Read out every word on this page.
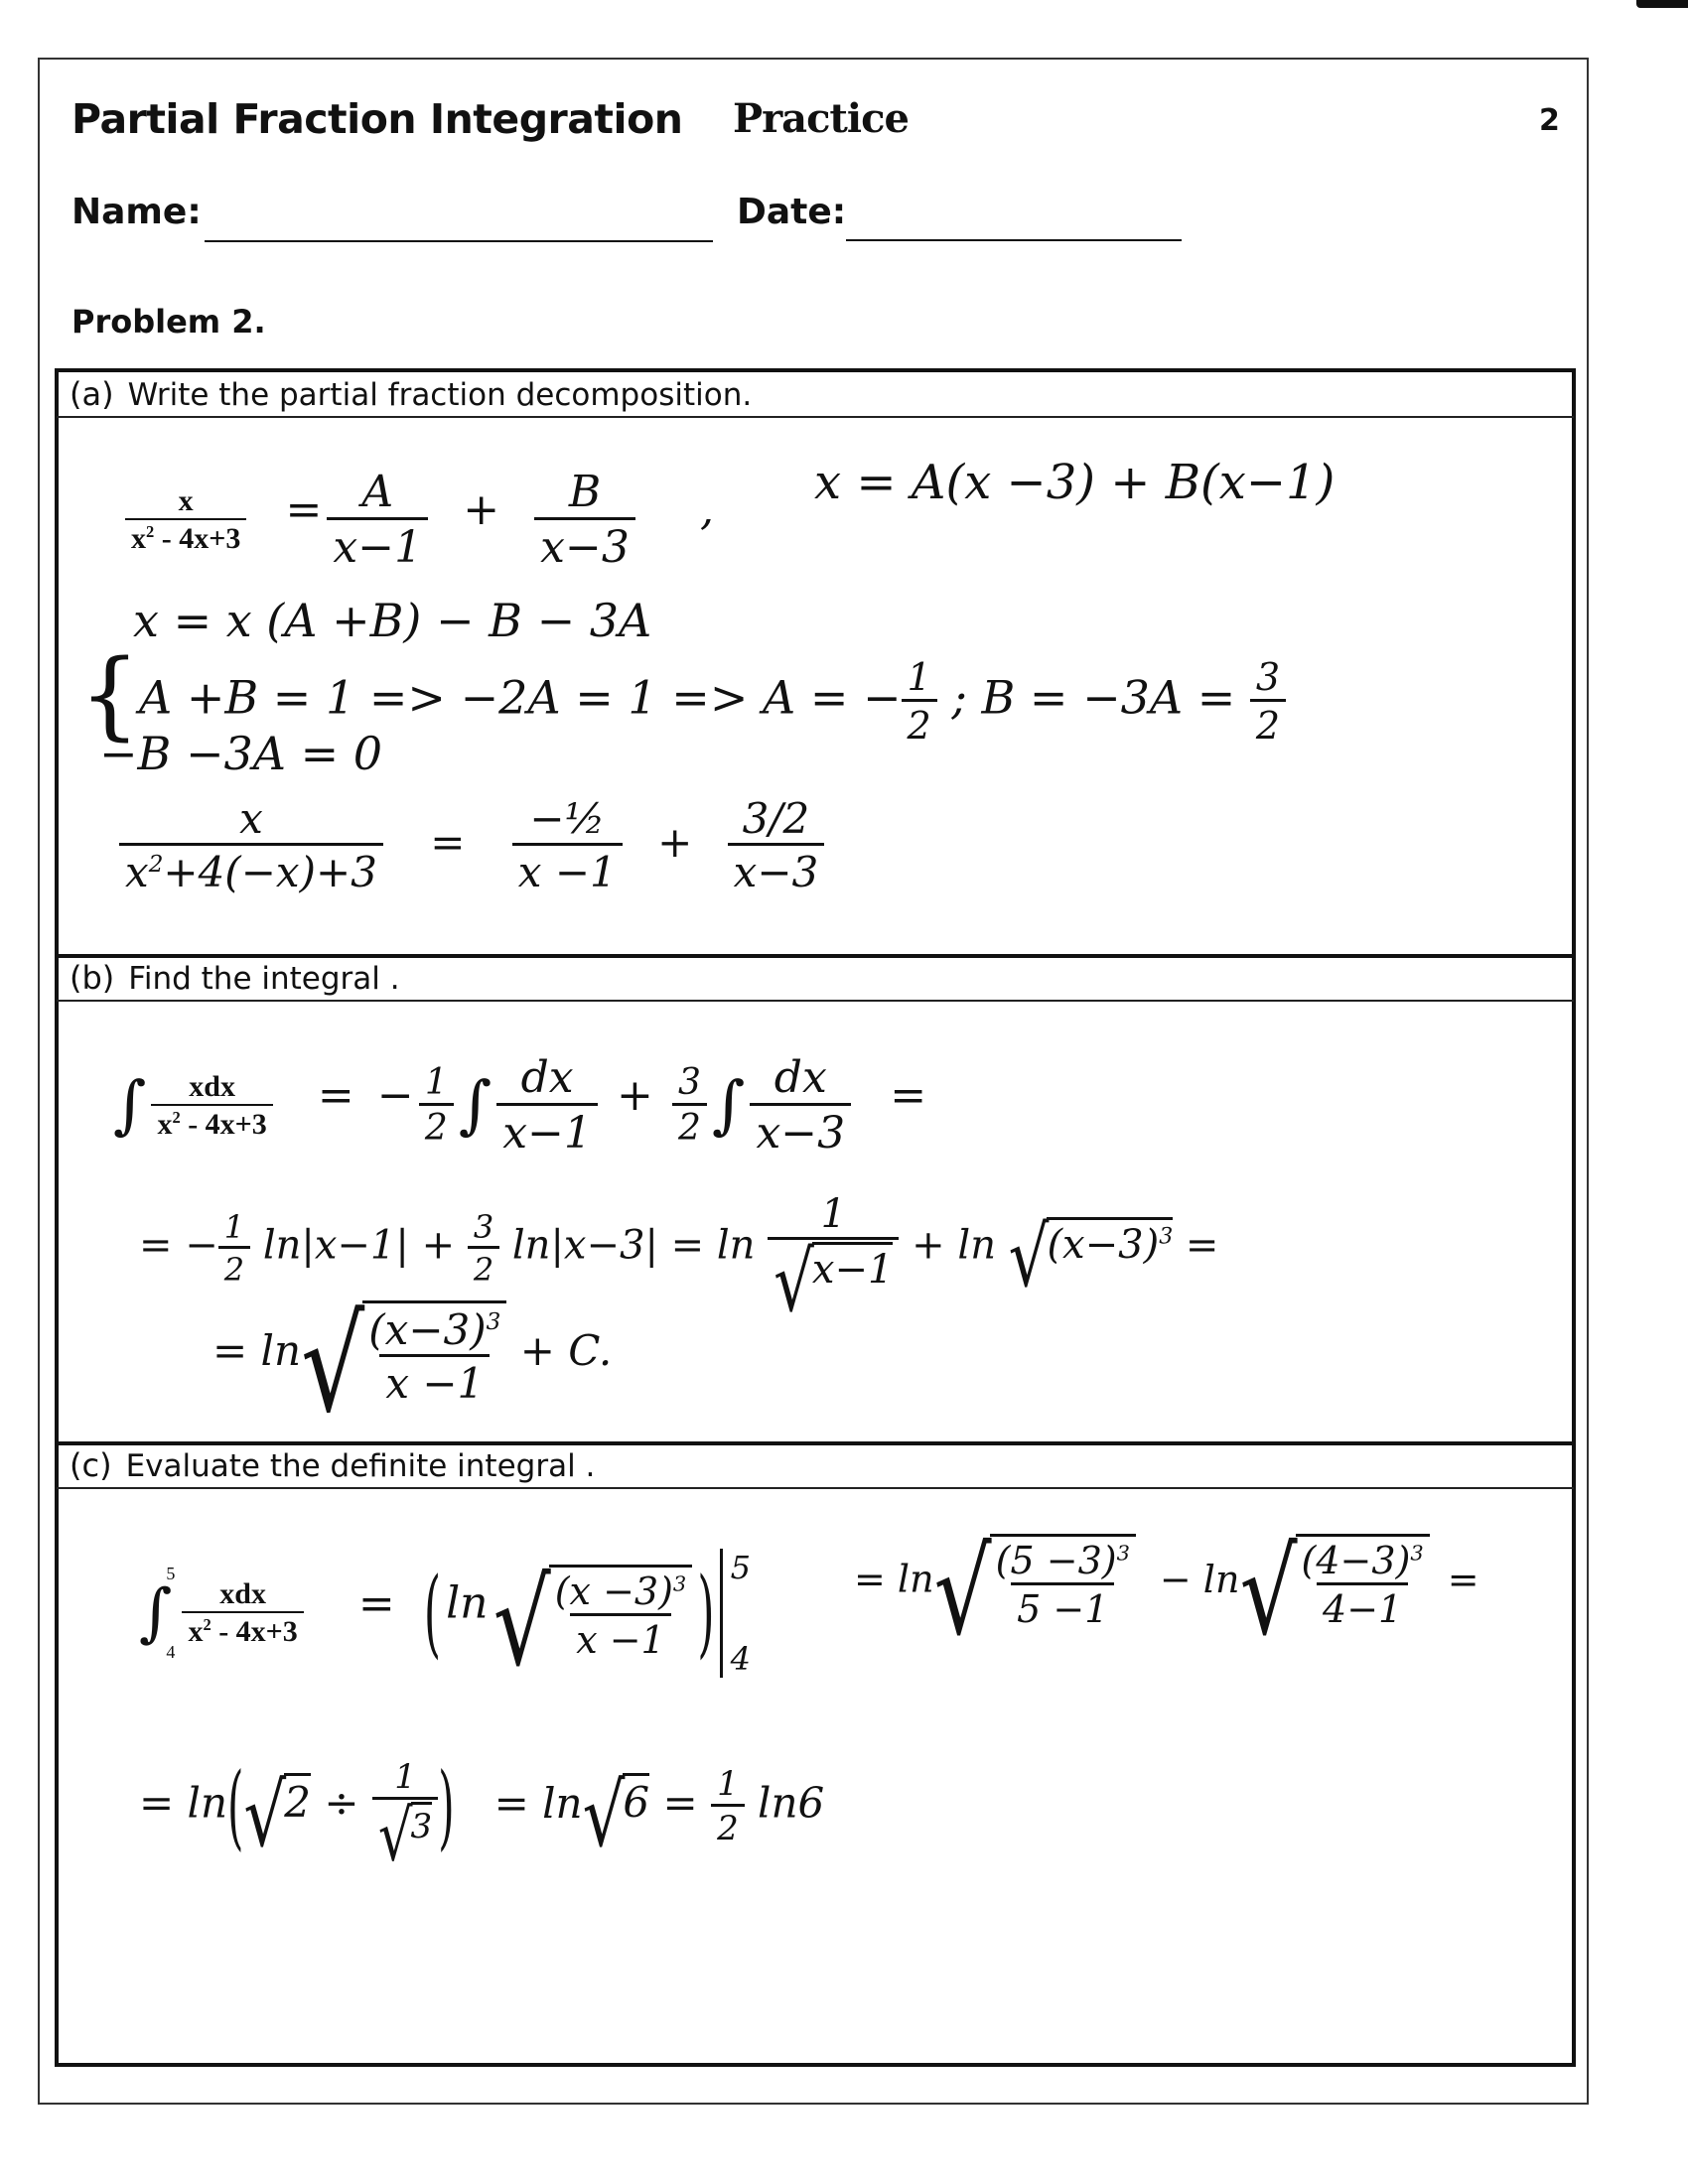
Partial Fraction Integration Practice	2
Name:	Date:
Problem 2.
(a) Write the partial fraction decomposition.
(b) Find the integral .
(c) Evaluate the definite integral .
$\frac{x}{x^2 - 4x+3} = \frac{A}{x-1} + \frac{B}{x-3}$ , x = A(x −3) + B(x−1)
x = x (A +B) − B − 3A
{
A +B = 1 => −2A = 1 => A = − $\frac{1}{2}$ ; $B = -3A = \frac{3}{2}$
−B −3A = 0
$\frac{x}{x^2+4(-x)+3} = \frac{\text{−½}}{x -1} + \frac{3/2}{x-3}$
∫ $\frac{\text{xdx}}{x^2 - 4x+3}$ = − $\frac{1}{2}$ ∫ $\frac{dx}{x-1} + \frac{3}{2}$ ∫ $\frac{dx}{x-3}$ =
= − $\frac{1}{2} \ln|x-1| + \frac{3}{2} \ln|x-3| = \ln 1$
√
x−1 + ln √
$(x-3)^3$ =
= ln √
$\frac{(x-3)^3}{x -1} + C$.
∫
5
4

$\frac{\text{xdx}}{x^2 - 4x+3}$ = ( ln √
$\frac{(x -3)^3}{x -1}$ ) 5
4
= ln √
$\frac{(5 -3)^3}{5 -1} - \ln$ √
$\frac{(4-3)^3}{4-1}$ =
= ln( √
2 ÷ 1
√
3 ) = ln √
$6 = \frac{1}{2} \ln 6$
